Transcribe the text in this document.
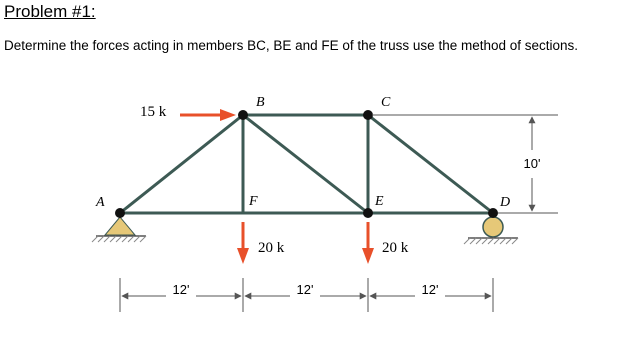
Problem #1:
Determine the forces acting in members BC, BE and FE of the truss use the method of sections.
A
B	C
F	E	D
15 k
20 k	20 k
12'	12'	12'
10'
